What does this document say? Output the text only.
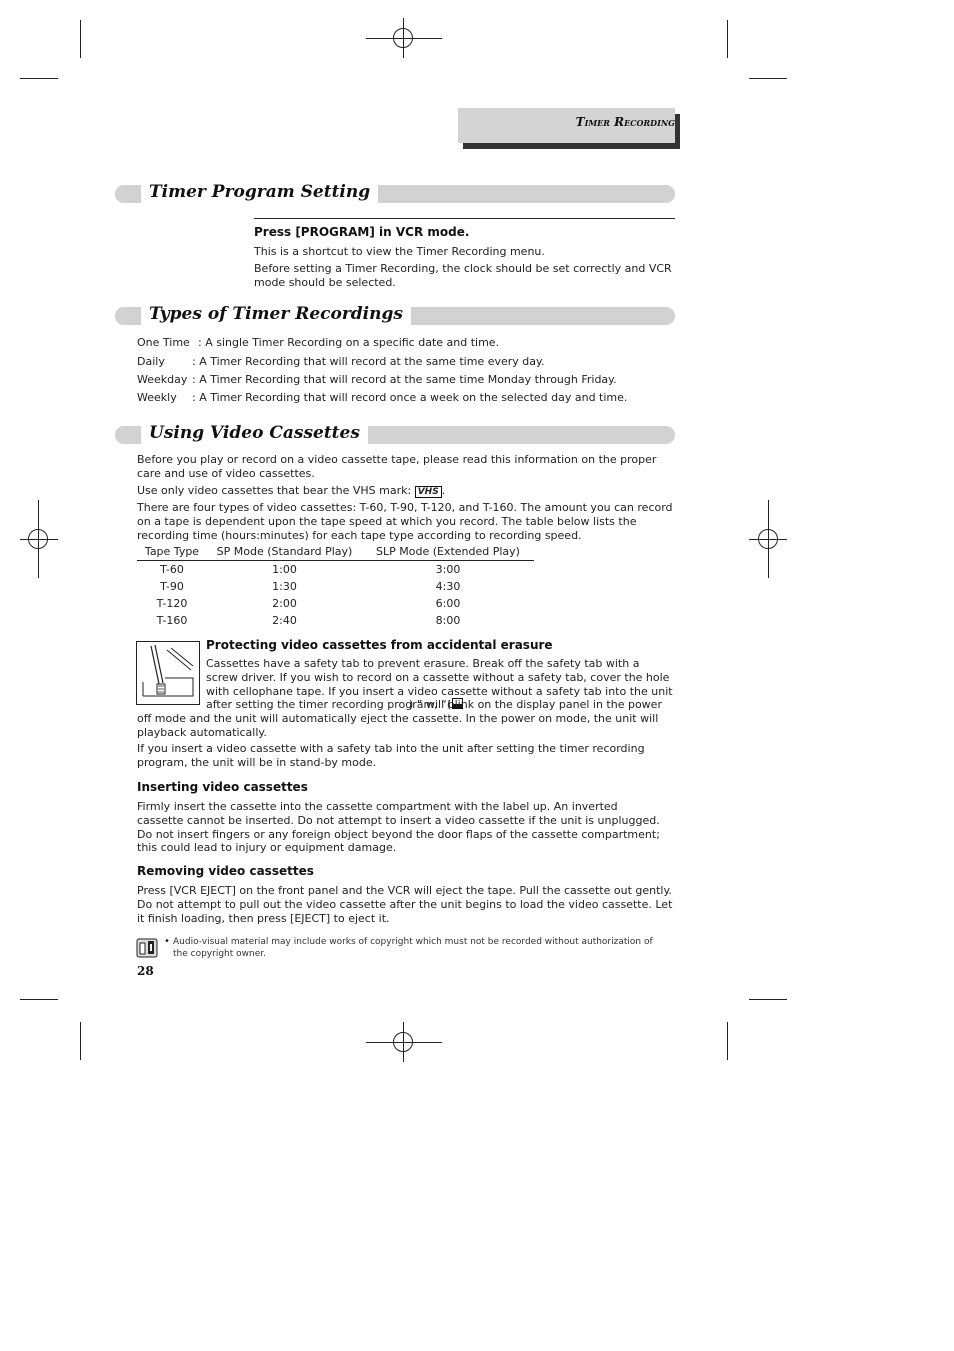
Timer Recording
Timer Program Setting
Press [PROGRAM] in VCR mode.

This is a shortcut to view the Timer Recording menu.

Before setting a Timer Recording, the clock should be set correctly and VCR mode should be selected.

Types of Timer Recordings
One Time : A single Timer Recording on a specific date and time.
Daily : A Timer Recording that will record at the same time every day.
Weekday : A Timer Recording that will record at the same time Monday through Friday.
Weekly : A Timer Recording that will record once a week on the selected day and time.
Using Video Cassettes

Before you play or record on a video cassette tape, please read this information on the proper care and use of video cassettes.

Use only video cassettes that bear the VHS mark: VHS .

There are four types of video cassettes: T-60, T-90, T-120, and T-160. The amount you can record on a tape is dependent upon the tape speed at which you record. The table below lists the recording time (hours:minutes) for each tape type according to recording speed.

Tape Type	SP Mode (Standard Play)	SLP Mode (Extended Play)
T-60	1:00	3:00
T-90	1:30	4:30
T-120	2:00	6:00
T-160	2:40	8:00
Protecting video cassettes from accidental erasure
Cassettes have a safety tab to prevent erasure. Break off the safety tab with a screw driver. If you wish to record on a cassette without a safety tab, cover the hole with cellophane tape. If you insert a video cassette without a safety tab into the unit after setting the timer recording program, “(

) ” will blink on the display panel in the power off mode and the unit will automatically eject the cassette. In the power on mode, the unit will playback automatically.

If you insert a video cassette with a safety tab into the unit after setting the timer recording program, the unit will be in stand-by mode.

Inserting video cassettes

Firmly insert the cassette into the cassette compartment with the label up. An inverted cassette cannot be inserted. Do not attempt to insert a video cassette if the unit is unplugged. Do not insert fingers or any foreign object beyond the door flaps of the cassette compartment; this could lead to injury or equipment damage.

Removing video cassettes

Press [VCR EJECT] on the front panel and the VCR will eject the tape. Pull the cassette out gently. Do not attempt to pull out the video cassette after the unit begins to load the video cassette. Let it finish loading, then press [EJECT] to eject it.

• Audio-visual material may include works of copyright which must not be recorded without authorization of the copyright owner.

28
